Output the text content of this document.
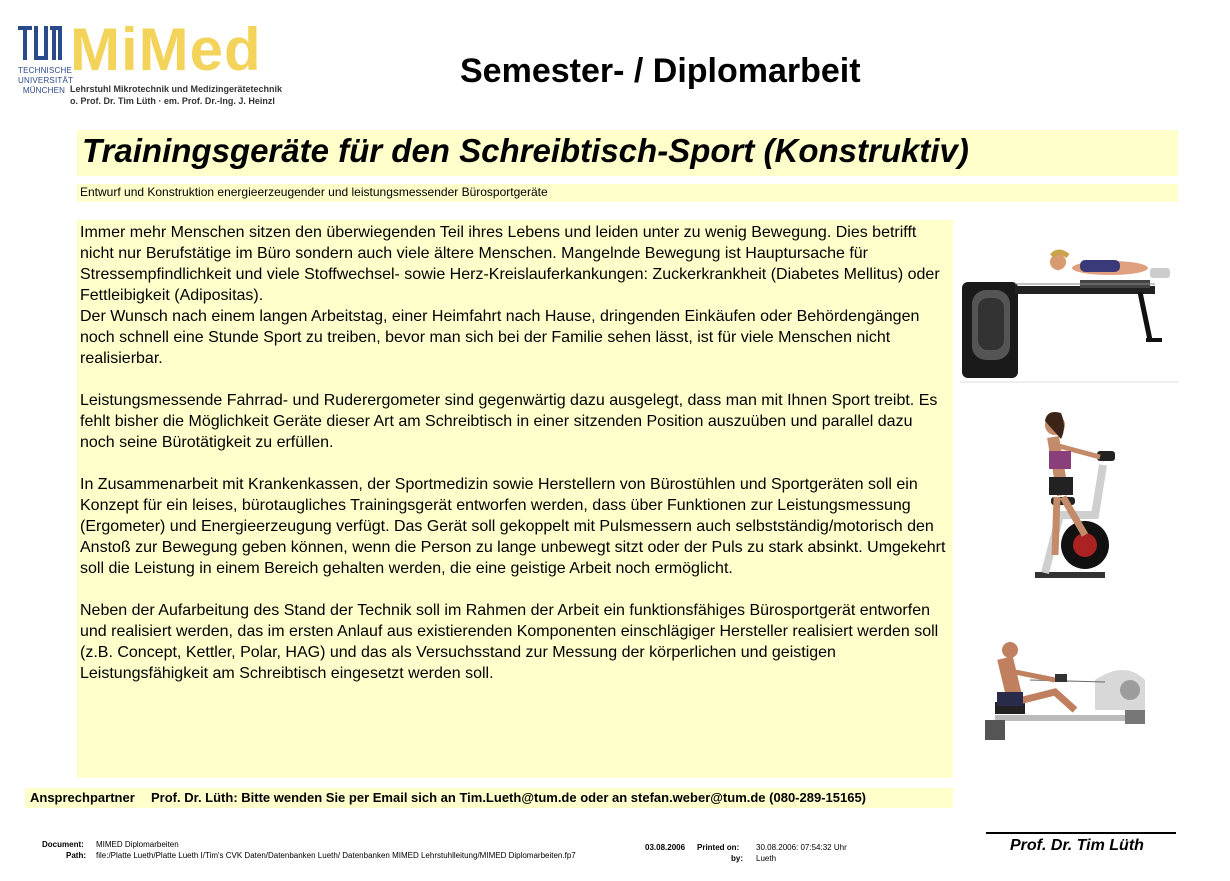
TECHNISCHE UNIVERSITÄT MÜNCHEN
MiMed
Lehrstuhl Mikrotechnik und Medizingerätetechnik
o. Prof. Dr. Tim Lüth · em. Prof. Dr.-Ing. J. Heinzl
Semester- / Diplomarbeit
Trainingsgeräte für den Schreibtisch-Sport (Konstruktiv)
Entwurf und Konstruktion energieerzeugender und leistungsmessender Bürosportgeräte
Immer mehr Menschen sitzen den überwiegenden Teil ihres Lebens und leiden unter zu wenig Bewegung. Dies betrifft nicht nur Berufstätige im Büro sondern auch viele ältere Menschen. Mangelnde Bewegung ist Hauptursache für Stressempfindlichkeit und viele Stoffwechsel- sowie Herz-Kreislauferkankungen: Zuckerkrankheit (Diabetes Mellitus) oder Fettleibigkeit (Adipositas).
Der Wunsch nach einem langen Arbeitstag, einer Heimfahrt nach Hause, dringenden Einkäufen oder Behördengängen noch schnell eine Stunde Sport zu treiben, bevor man sich bei der Familie sehen lässt, ist für viele Menschen nicht realisierbar.

Leistungsmessende Fahrrad- und Ruderergometer sind gegenwärtig dazu ausgelegt, dass man mit Ihnen Sport treibt. Es fehlt bisher die Möglichkeit Geräte dieser Art am Schreibtisch in einer sitzenden Position auszuüben und parallel dazu noch seine Bürotätigkeit zu erfüllen.

In Zusammenarbeit mit Krankenkassen, der Sportmedizin sowie Herstellern von Bürostühlen und Sportgeräten soll ein Konzept für ein leises, bürotaugliches Trainingsgerät entworfen werden, dass über Funktionen zur Leistungsmessung (Ergometer) und Energieerzeugung verfügt. Das Gerät soll gekoppelt mit Pulsmessern auch selbstständig/motorisch den Anstoß zur Bewegung geben können, wenn die Person zu lange unbewegt sitzt oder der Puls zu stark absinkt. Umgekehrt soll die Leistung in einem Bereich gehalten werden, die eine geistige Arbeit noch ermöglicht.

Neben der Aufarbeitung des Stand der Technik soll im Rahmen der Arbeit ein funktionsfähiges Bürosportgerät entworfen und realisiert werden, das im ersten Anlauf aus existierenden Komponenten einschlägiger Hersteller realisiert werden soll (z.B. Concept, Kettler, Polar, HAG) und das als Versuchsstand zur Messung der körperlichen und geistigen Leistungsfähigkeit am Schreibtisch eingesetzt werden soll.

Ansprechpartner Prof. Dr. Lüth: Bitte wenden Sie per Email sich an Tim.Lueth@tum.de oder an stefan.weber@tum.de (080-289-15165)
Document: MIMED Diplomarbeiten
Path: file:/Platte Lueth/Platte Lueth I/Tim's CVK Daten/Datenbanken Lueth/ Datenbanken MIMED Lehrstuhlleitung/MIMED Diplomarbeiten.fp7
03.08.2006 Printed on: 30.08.2006: 07:54:32 Uhr
by: Lueth
Prof. Dr. Tim Lüth
